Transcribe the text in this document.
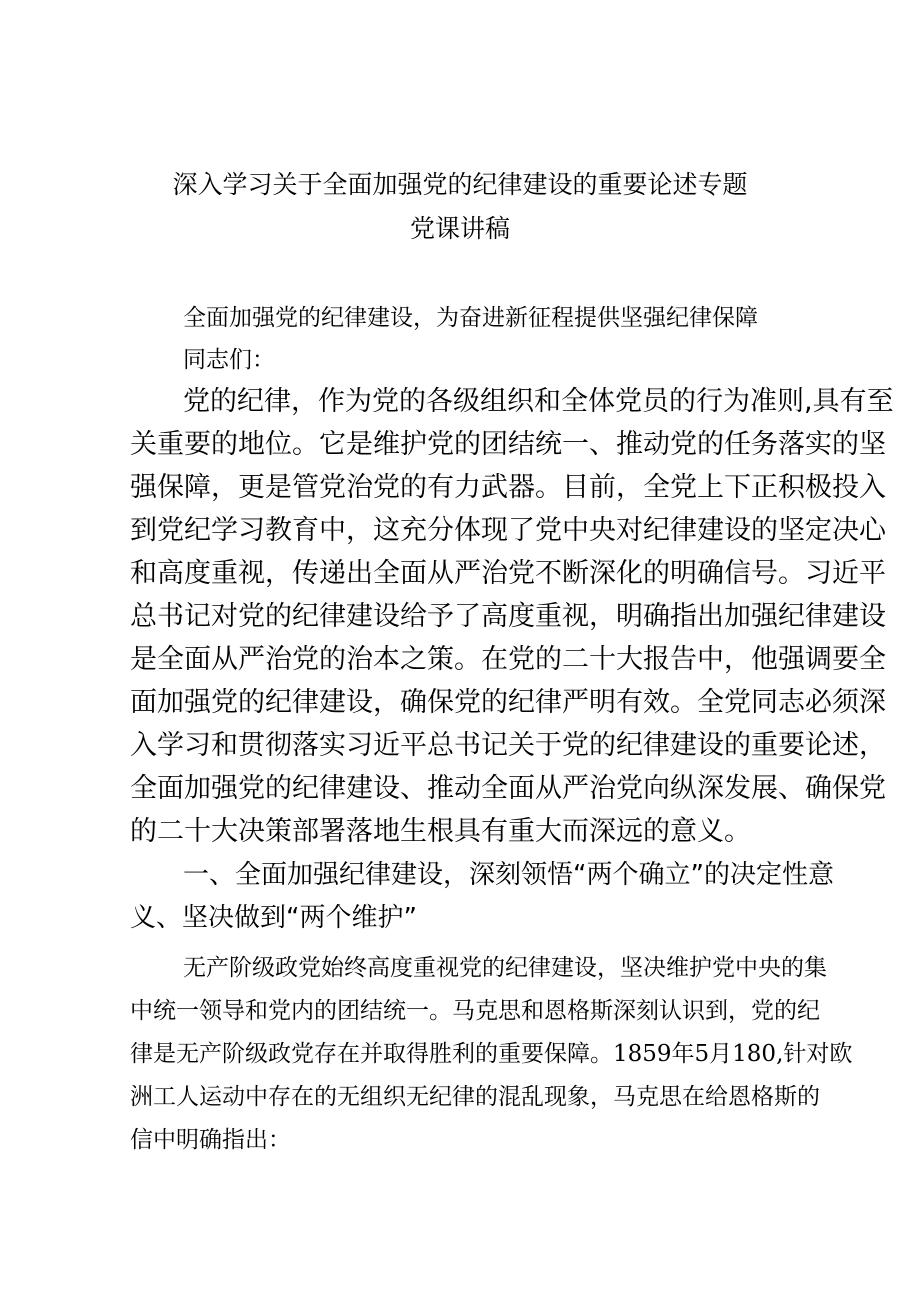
深入学习关于全面加强党的纪律建设的重要论述专题
党课讲稿
全面加强党的纪律建设，为奋进新征程提供坚强纪律保障
同志们：
党的纪律，作为党的各级组织和全体党员的行为准则,具有至
关重要的地位。它是维护党的团结统一、推动党的任务落实的坚
强保障，更是管党治党的有力武器。目前，全党上下正积极投入
到党纪学习教育中，这充分体现了党中央对纪律建设的坚定决心
和高度重视，传递出全面从严治党不断深化的明确信号。习近平
总书记对党的纪律建设给予了高度重视，明确指出加强纪律建设
是全面从严治党的治本之策。在党的二十大报告中，他强调要全
面加强党的纪律建设，确保党的纪律严明有效。全党同志必须深
入学习和贯彻落实习近平总书记关于党的纪律建设的重要论述，
全面加强党的纪律建设、推动全面从严治党向纵深发展、确保党
的二十大决策部署落地生根具有重大而深远的意义。
一、全面加强纪律建设，深刻领悟“两个确立”的决定性意
义、坚决做到“两个维护”
无产阶级政党始终高度重视党的纪律建设，坚决维护党中央的集
中统一领导和党内的团结统一。马克思和恩格斯深刻认识到，党的纪
律是无产阶级政党存在并取得胜利的重要保障。1859年5月180,针对欧
洲工人运动中存在的无组织无纪律的混乱现象，马克思在给恩格斯的
信中明确指出：
